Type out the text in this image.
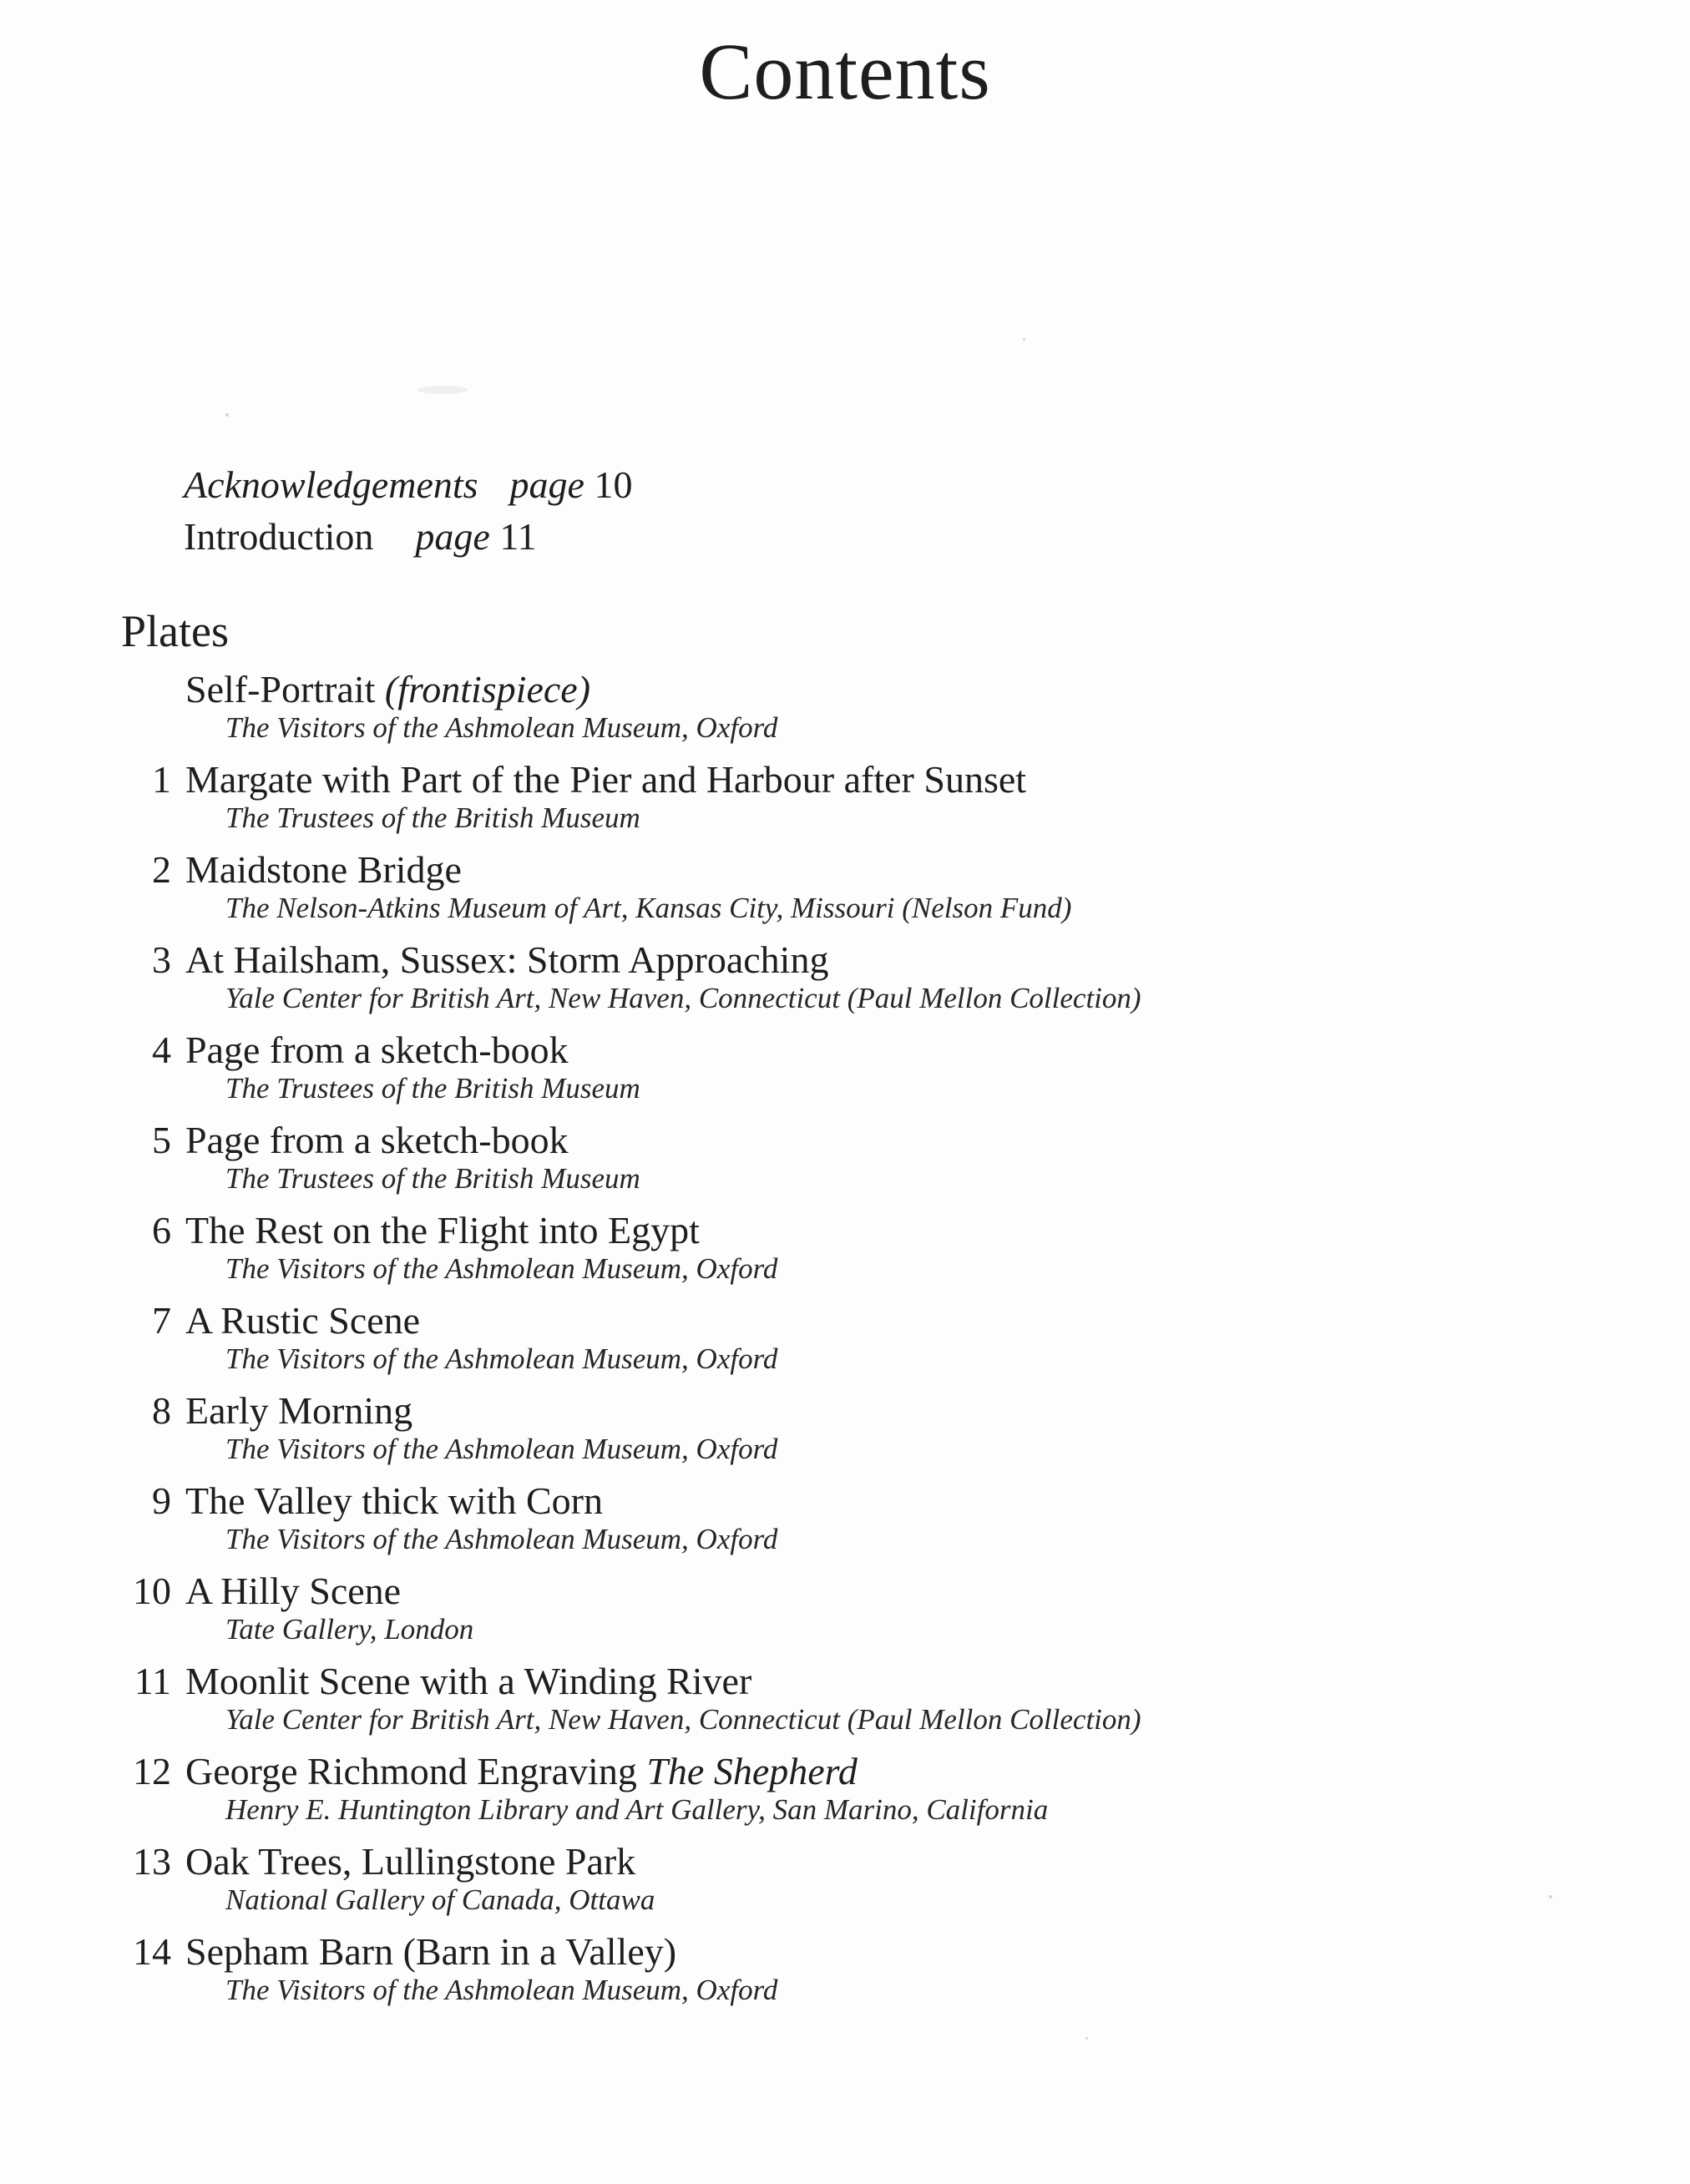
Contents
Acknowledgements page 10
Introduction page 11
Plates
Self-Portrait (frontispiece)
The Visitors of the Ashmolean Museum, Oxford
1 Margate with Part of the Pier and Harbour after Sunset
The Trustees of the British Museum
2 Maidstone Bridge
The Nelson-Atkins Museum of Art, Kansas City, Missouri (Nelson Fund)
3 At Hailsham, Sussex: Storm Approaching
Yale Center for British Art, New Haven, Connecticut (Paul Mellon Collection)
4 Page from a sketch-book
The Trustees of the British Museum
5 Page from a sketch-book
The Trustees of the British Museum
6 The Rest on the Flight into Egypt
The Visitors of the Ashmolean Museum, Oxford
7 A Rustic Scene
The Visitors of the Ashmolean Museum, Oxford
8 Early Morning
The Visitors of the Ashmolean Museum, Oxford
9 The Valley thick with Corn
The Visitors of the Ashmolean Museum, Oxford
10 A Hilly Scene
Tate Gallery, London
11 Moonlit Scene with a Winding River
Yale Center for British Art, New Haven, Connecticut (Paul Mellon Collection)
12 George Richmond Engraving The Shepherd
Henry E. Huntington Library and Art Gallery, San Marino, California
13 Oak Trees, Lullingstone Park
National Gallery of Canada, Ottawa
14 Sepham Barn (Barn in a Valley)
The Visitors of the Ashmolean Museum, Oxford
